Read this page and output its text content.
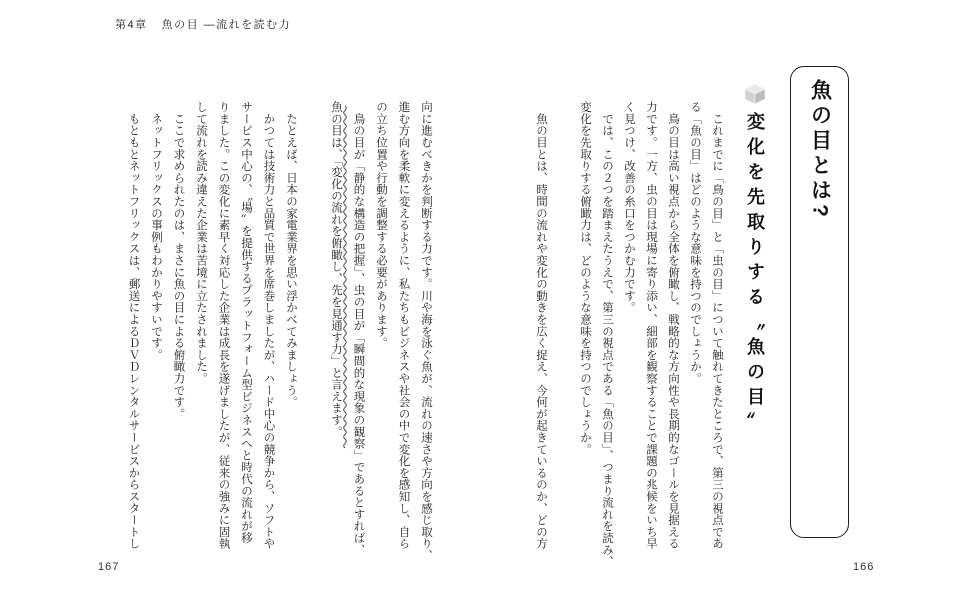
第4章 魚の目 ―流れを読む力
魚の目とは?
変化を先取りする〝魚の目〟
　これまでに「鳥の目」と「虫の目」について触れてきたところで、第三の視点であ
る「魚の目」はどのような意味を持つのでしょうか。
　鳥の目は高い視点から全体を俯瞰し、戦略的な方向性や長期的なゴールを見据える
力です。一方、虫の目は現場に寄り添い、細部を観察することで課題の兆候をいち早
く見つけ、改善の糸口をつかむ力です。
　では、この２つを踏まえたうえで、第三の視点である「魚の目」、つまり流れを読み、
変化を先取りする俯瞰力は、どのような意味を持つのでしょうか。

　魚の目とは、時間の流れや変化の動きを広く捉え、今何が起きているのか、どの方
166
向に進むべきかを判断する力です。川や海を泳ぐ魚が、流れの速さや方向を感じ取り、
進む方向を柔軟に変えるように、私たちもビジネスや社会の中で変化を感知し、自ら
の立ち位置や行動を調整する必要があります。
　鳥の目が「静的な構造の把握」、虫の目が「瞬間的な現象の観察」であるとすれば、
魚の目は、「変化の流れを俯瞰し、先を見通す力」と言えます。

　たとえば、日本の家電業界を思い浮かべてみましょう。
　かつては技術力と品質で世界を席巻しましたが、ハード中心の競争から、ソフトや
サービス中心の、〝場〟を提供するプラットフォーム型ビジネスへと時代の流れが移
りました。この変化に素早く対応した企業は成長を遂げましたが、従来の強みに固執
して流れを読み違えた企業は苦境に立たされました。
　ここで求められたのは、まさに魚の目による俯瞰力です。
　ネットフリックスの事例もわかりやすいです。
　もともとネットフリックスは、郵送によるＤＶＤレンタルサービスからスタートし
167
